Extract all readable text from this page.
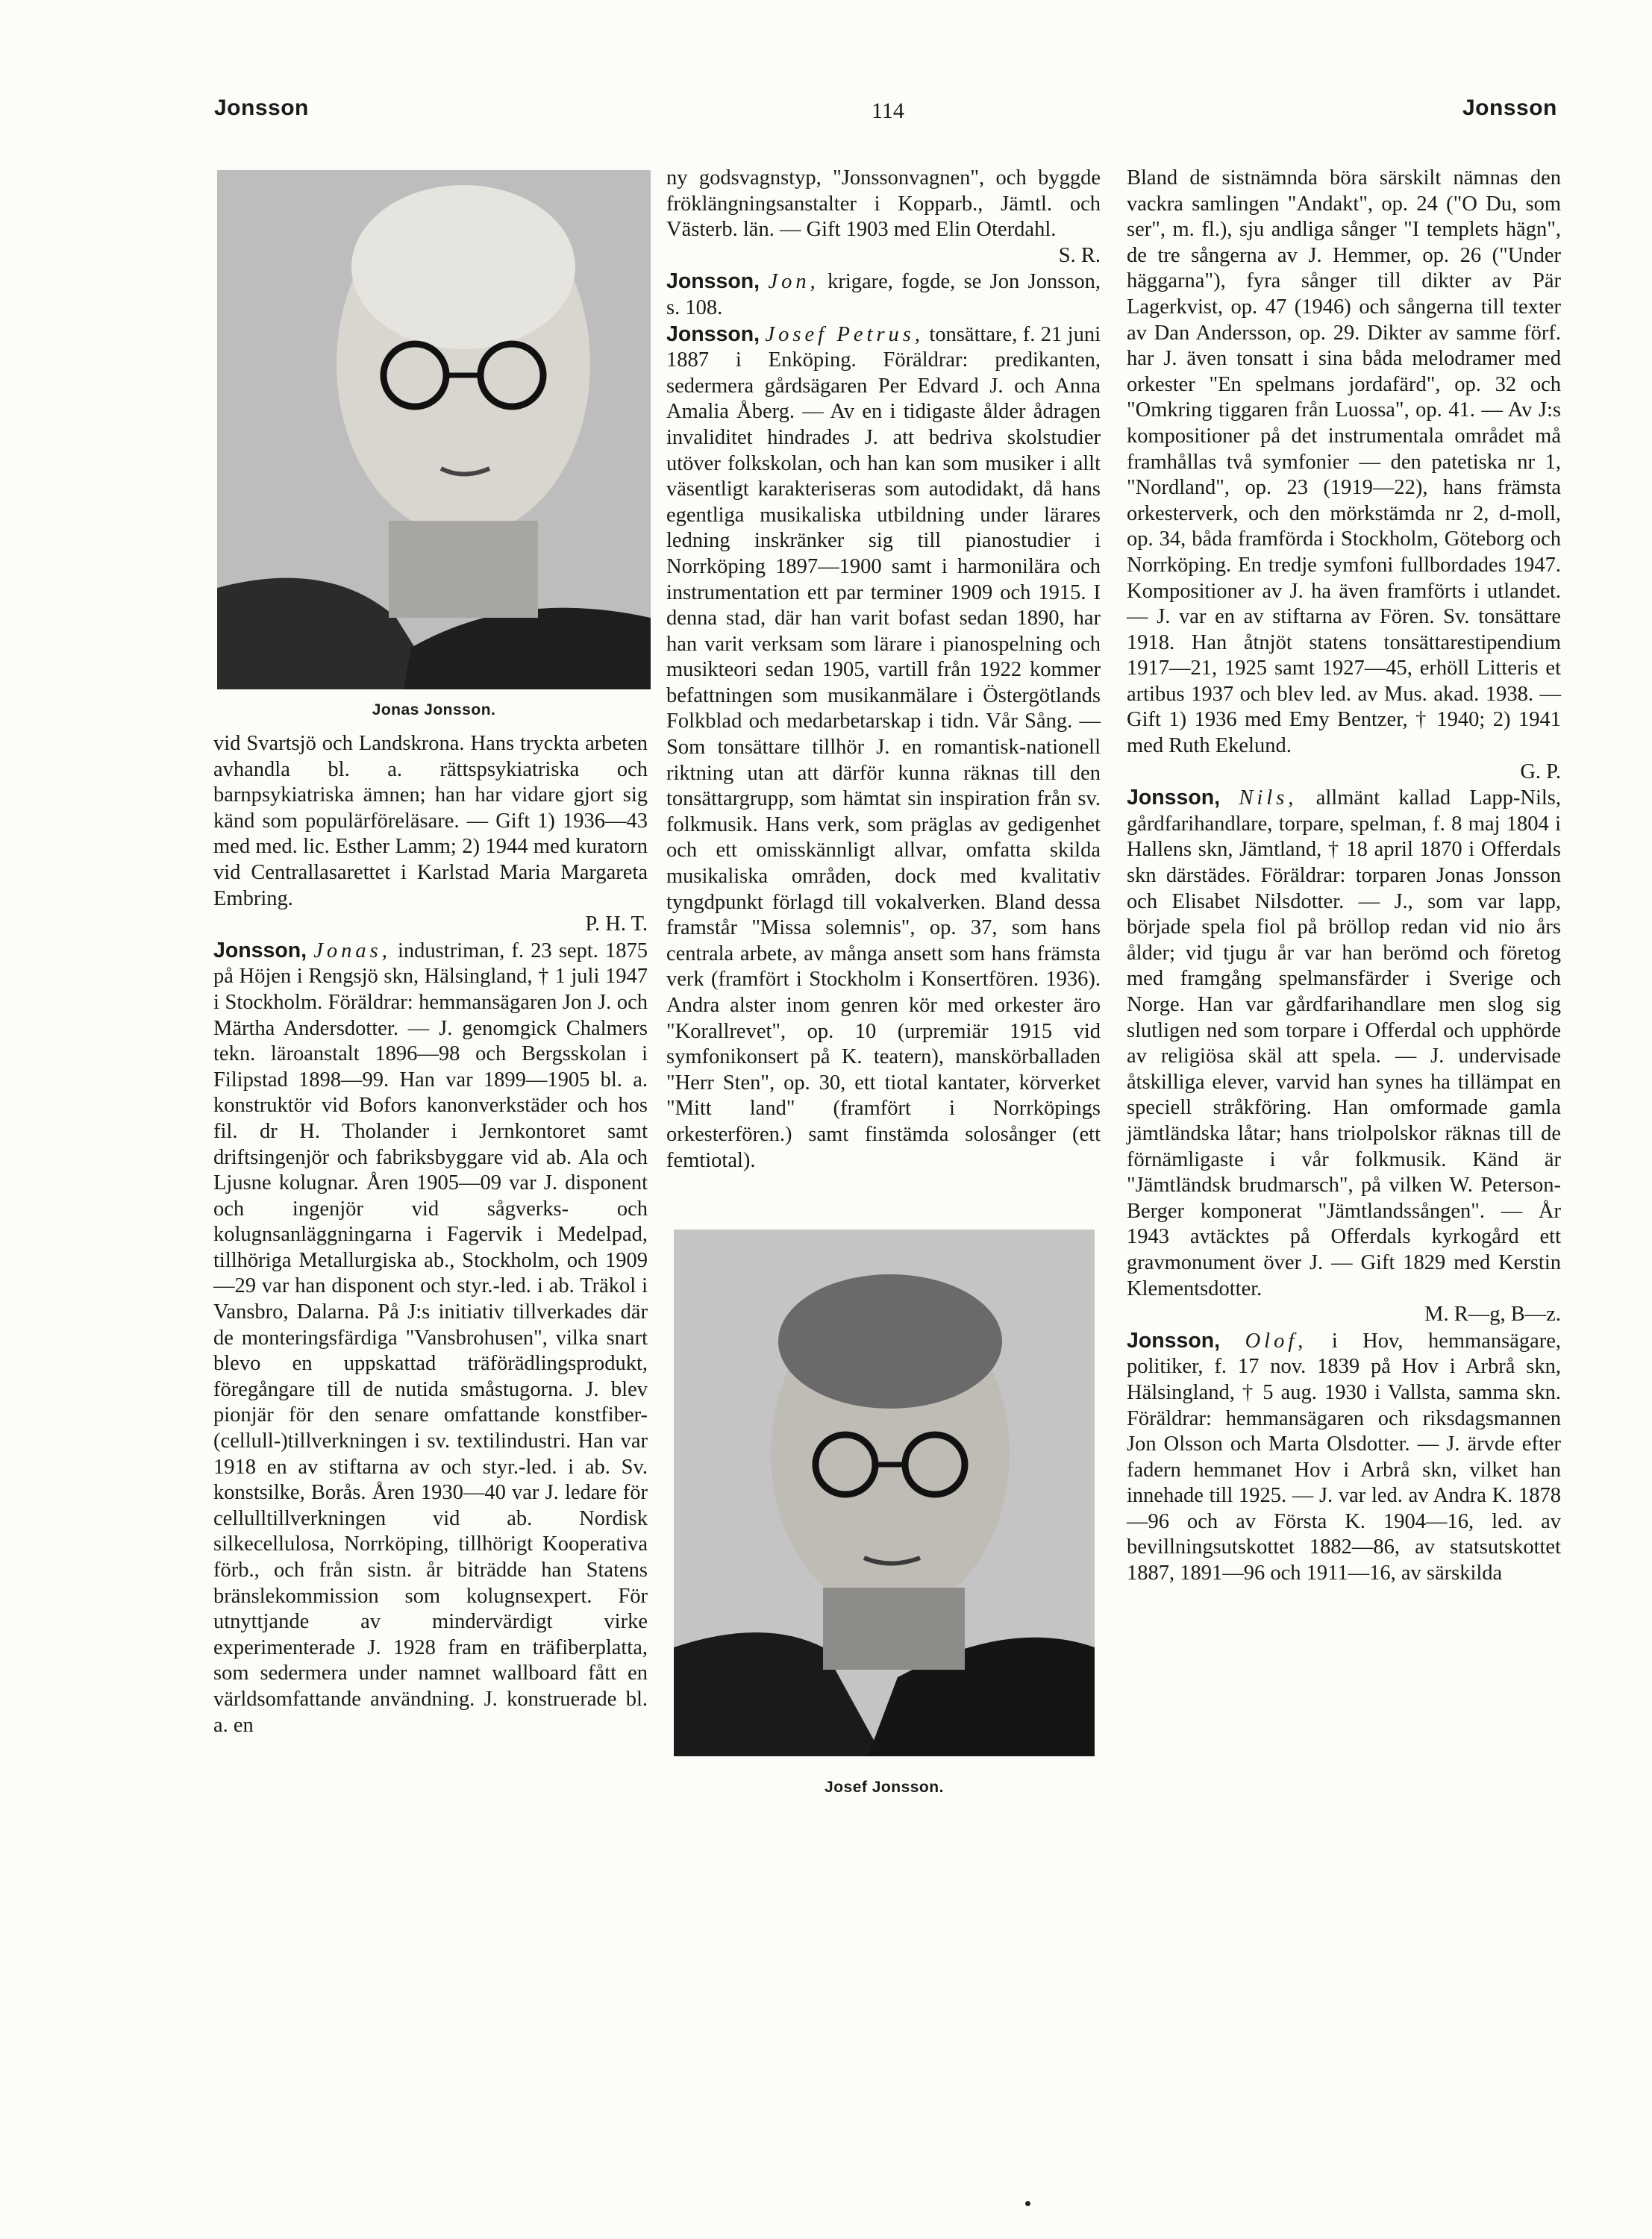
Jonsson	114	Jonsson
Jonas Jonsson.

vid Svartsjö och Landskrona. Hans tryckta arbeten avhandla bl. a. rättspsykiatriska och barnpsykiatriska ämnen; han har vidare gjort sig känd som populärföreläsare. — Gift 1) 1936—43 med med. lic. Esther Lamm; 2) 1944 med kuratorn vid Centrallasarettet i Karlstad Maria Margareta Embring.

P. H. T.

Jonsson, Jonas, industriman, f. 23 sept. 1875 på Höjen i Rengsjö skn, Hälsingland, † 1 juli 1947 i Stockholm. Föräldrar: hemmansägaren Jon J. och Märtha Andersdotter. — J. genomgick Chalmers tekn. läroanstalt 1896—98 och Bergsskolan i Filipstad 1898—99. Han var 1899—1905 bl. a. konstruktör vid Bofors kanonverkstäder och hos fil. dr H. Tholander i Jernkontoret samt driftsingenjör och fabriksbyggare vid ab. Ala och Ljusne kolugnar. Åren 1905—09 var J. disponent och ingenjör vid sågverks- och kolugnsanläggningarna i Fagervik i Medelpad, tillhöriga Metallurgiska ab., Stockholm, och 1909—29 var han disponent och styr.-led. i ab. Träkol i Vansbro, Dalarna. På J:s initiativ tillverkades där de monteringsfärdiga "Vansbrohusen", vilka snart blevo en uppskattad träförädlingsprodukt, föregångare till de nutida småstugorna. J. blev pionjär för den senare omfattande konstfiber-(cellull-)tillverkningen i sv. textilindustri. Han var 1918 en av stiftarna av och styr.-led. i ab. Sv. konstsilke, Borås. Åren 1930—40 var J. ledare för cellulltillverkningen vid ab. Nordisk silkecellulosa, Norrköping, tillhörigt Kooperativa förb., och från sistn. år biträdde han Statens bränslekommission som kolugnsexpert. För utnyttjande av mindervärdigt virke experimenterade J. 1928 fram en träfiberplatta, som sedermera under namnet wallboard fått en världsomfattande användning. J. konstruerade bl. a. en

ny godsvagnstyp, "Jonssonvagnen", och byggde fröklängningsanstalter i Kopparb., Jämtl. och Västerb. län. — Gift 1903 med Elin Oterdahl.

S. R.

Jonsson, Jon, krigare, fogde, se Jon Jonsson, s. 108.

Jonsson, Josef Petrus, tonsättare, f. 21 juni 1887 i Enköping. Föräldrar: predikanten, sedermera gårdsägaren Per Edvard J. och Anna Amalia Åberg. — Av en i tidigaste ålder ådragen invaliditet hindrades J. att bedriva skolstudier utöver folkskolan, och han kan som musiker i allt väsentligt karakteriseras som autodidakt, då hans egentliga musikaliska utbildning under lärares ledning inskränker sig till pianostudier i Norrköping 1897—1900 samt i harmonilära och instrumentation ett par terminer 1909 och 1915. I denna stad, där han varit bofast sedan 1890, har han varit verksam som lärare i pianospelning och musikteori sedan 1905, vartill från 1922 kommer befattningen som musikanmälare i Östergötlands Folkblad och medarbetarskap i tidn. Vår Sång. — Som tonsättare tillhör J. en romantisk-nationell riktning utan att därför kunna räknas till den tonsättargrupp, som hämtat sin inspiration från sv. folkmusik. Hans verk, som präglas av gedigenhet och ett omisskännligt allvar, omfatta skilda musikaliska områden, dock med kvalitativ tyngdpunkt förlagd till vokalverken. Bland dessa framstår "Missa solemnis", op. 37, som hans centrala arbete, av många ansett som hans främsta verk (framfört i Stockholm i Konsertfören. 1936). Andra alster inom genren kör med orkester äro "Korallrevet", op. 10 (urpremiär 1915 vid symfonikonsert på K. teatern), manskörballaden "Herr Sten", op. 30, ett tiotal kantater, körverket "Mitt land" (framfört i Norrköpings orkesterfören.) samt finstämda solosånger (ett femtiotal).

Josef Jonsson.

Bland de sistnämnda böra särskilt nämnas den vackra samlingen "Andakt", op. 24 ("O Du, som ser", m. fl.), sju andliga sånger "I templets hägn", de tre sångerna av J. Hemmer, op. 26 ("Under häggarna"), fyra sånger till dikter av Pär Lagerkvist, op. 47 (1946) och sångerna till texter av Dan Andersson, op. 29. Dikter av samme förf. har J. även tonsatt i sina båda melodramer med orkester "En spelmans jordafärd", op. 32 och "Omkring tiggaren från Luossa", op. 41. — Av J:s kompositioner på det instrumentala området må framhållas två symfonier — den patetiska nr 1, "Nordland", op. 23 (1919—22), hans främsta orkesterverk, och den mörkstämda nr 2, d-moll, op. 34, båda framförda i Stockholm, Göteborg och Norrköping. En tredje symfoni fullbordades 1947. Kompositioner av J. ha även framförts i utlandet. — J. var en av stiftarna av Fören. Sv. tonsättare 1918. Han åtnjöt statens tonsättarestipendium 1917—21, 1925 samt 1927—45, erhöll Litteris et artibus 1937 och blev led. av Mus. akad. 1938. — Gift 1) 1936 med Emy Bentzer, † 1940; 2) 1941 med Ruth Ekelund.

G. P.

Jonsson, Nils, allmänt kallad Lapp-Nils, gårdfarihandlare, torpare, spelman, f. 8 maj 1804 i Hallens skn, Jämtland, † 18 april 1870 i Offerdals skn därstädes. Föräldrar: torparen Jonas Jonsson och Elisabet Nilsdotter. — J., som var lapp, började spela fiol på bröllop redan vid nio års ålder; vid tjugu år var han berömd och företog med framgång spelmansfärder i Sverige och Norge. Han var gårdfarihandlare men slog sig slutligen ned som torpare i Offerdal och upphörde av religiösa skäl att spela. — J. undervisade åtskilliga elever, varvid han synes ha tillämpat en speciell stråkföring. Han omformade gamla jämtländska låtar; hans triolpolskor räknas till de förnämligaste i vår folkmusik. Känd är "Jämtländsk brudmarsch", på vilken W. Peterson-Berger komponerat "Jämtlandssången". — År 1943 avtäcktes på Offerdals kyrkogård ett gravmonument över J. — Gift 1829 med Kerstin Klementsdotter.

M. R—g, B—z.

Jonsson, Olof, i Hov, hemmansägare, politiker, f. 17 nov. 1839 på Hov i Arbrå skn, Hälsingland, † 5 aug. 1930 i Vallsta, samma skn. Föräldrar: hemmansägaren och riksdagsmannen Jon Olsson och Marta Olsdotter. — J. ärvde efter fadern hemmanet Hov i Arbrå skn, vilket han innehade till 1925. — J. var led. av Andra K. 1878—96 och av Första K. 1904—16, led. av bevillningsutskottet 1882—86, av statsutskottet 1887, 1891—96 och 1911—16, av särskilda
